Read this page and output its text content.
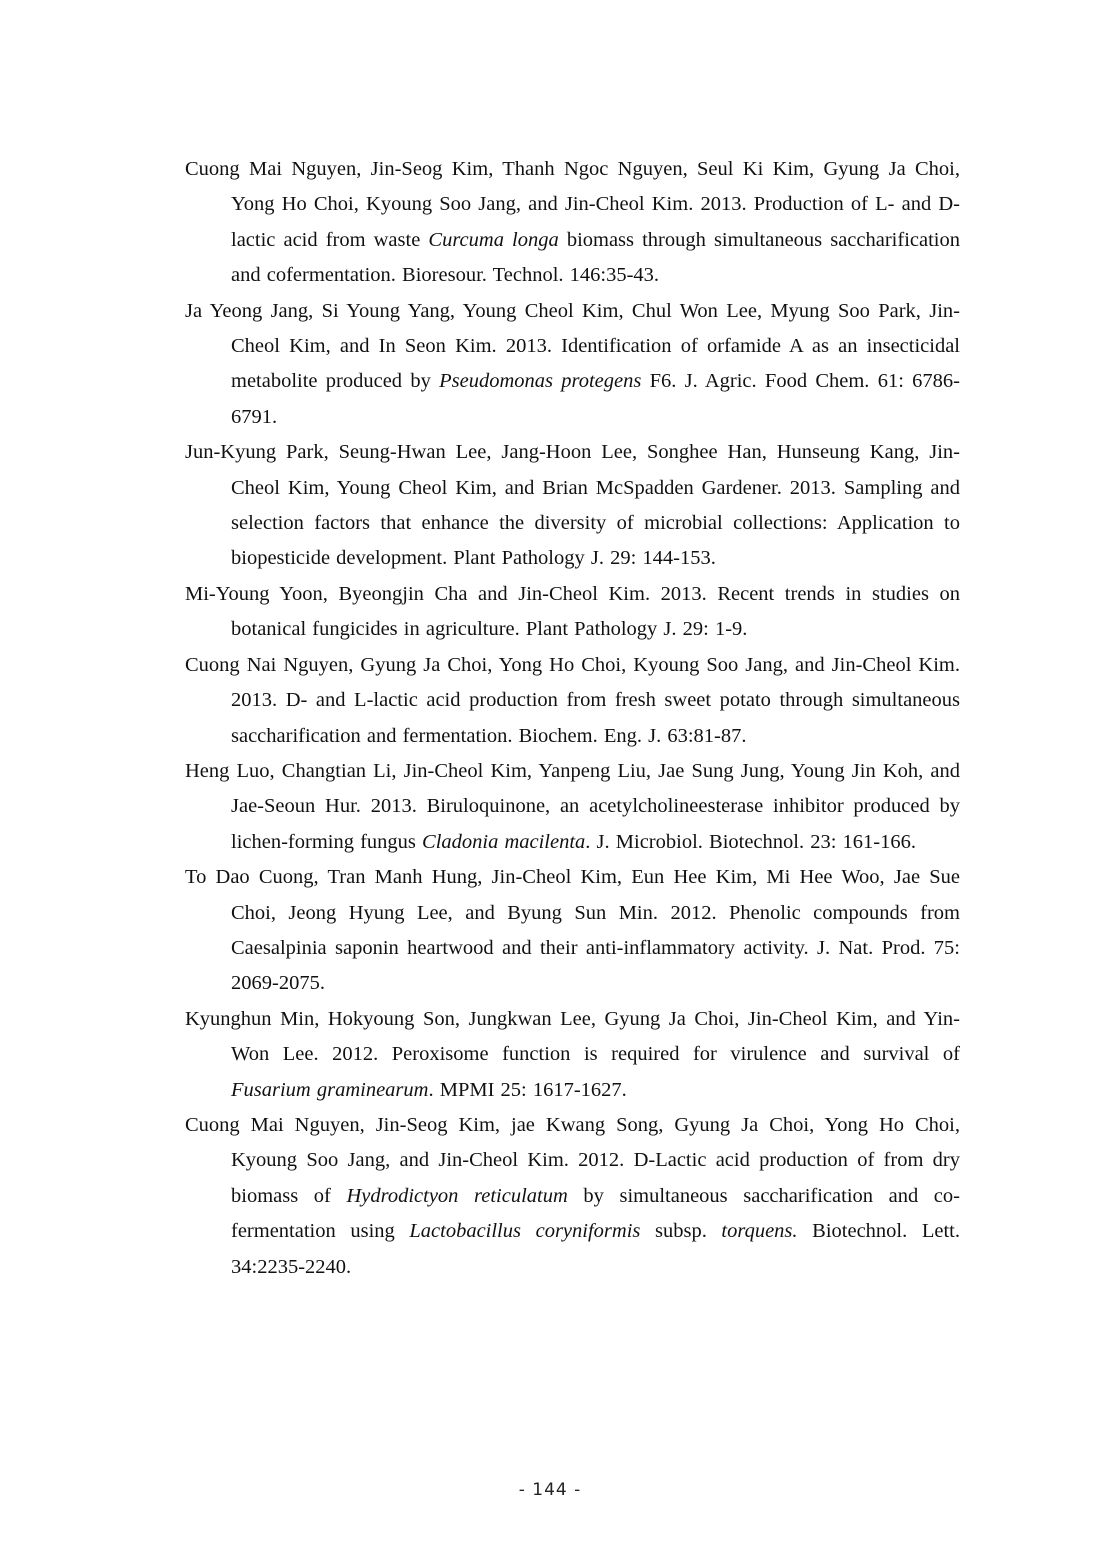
Cuong Mai Nguyen, Jin-Seog Kim, Thanh Ngoc Nguyen, Seul Ki Kim, Gyung Ja Choi, Yong Ho Choi, Kyoung Soo Jang, and Jin-Cheol Kim. 2013. Production of L- and D-lactic acid from waste Curcuma longa biomass through simultaneous saccharification and cofermentation. Bioresour. Technol. 146:35-43.

Ja Yeong Jang, Si Young Yang, Young Cheol Kim, Chul Won Lee, Myung Soo Park, Jin-Cheol Kim, and In Seon Kim. 2013. Identification of orfamide A as an insecticidal metabolite produced by Pseudomonas protegens F6. J. Agric. Food Chem. 61: 6786-6791.

Jun-Kyung Park, Seung-Hwan Lee, Jang-Hoon Lee, Songhee Han, Hunseung Kang, Jin-Cheol Kim, Young Cheol Kim, and Brian McSpadden Gardener. 2013. Sampling and selection factors that enhance the diversity of microbial collections: Application to biopesticide development. Plant Pathology J. 29: 144-153.

Mi-Young Yoon, Byeongjin Cha and Jin-Cheol Kim. 2013. Recent trends in studies on botanical fungicides in agriculture. Plant Pathology J. 29: 1-9.

Cuong Nai Nguyen, Gyung Ja Choi, Yong Ho Choi, Kyoung Soo Jang, and Jin-Cheol Kim. 2013. D- and L-lactic acid production from fresh sweet potato through simultaneous saccharification and fermentation. Biochem. Eng. J. 63:81-87.

Heng Luo, Changtian Li, Jin-Cheol Kim, Yanpeng Liu, Jae Sung Jung, Young Jin Koh, and Jae-Seoun Hur. 2013. Biruloquinone, an acetylcholineesterase inhibitor produced by lichen-forming fungus Cladonia macilenta. J. Microbiol. Biotechnol. 23: 161-166.

To Dao Cuong, Tran Manh Hung, Jin-Cheol Kim, Eun Hee Kim, Mi Hee Woo, Jae Sue Choi, Jeong Hyung Lee, and Byung Sun Min. 2012. Phenolic compounds from Caesalpinia saponin heartwood and their anti-inflammatory activity. J. Nat. Prod. 75: 2069-2075.

Kyunghun Min, Hokyoung Son, Jungkwan Lee, Gyung Ja Choi, Jin-Cheol Kim, and Yin-Won Lee. 2012. Peroxisome function is required for virulence and survival of Fusarium graminearum. MPMI 25: 1617-1627.

Cuong Mai Nguyen, Jin-Seog Kim, jae Kwang Song, Gyung Ja Choi, Yong Ho Choi, Kyoung Soo Jang, and Jin-Cheol Kim. 2012. D-Lactic acid production of from dry biomass of Hydrodictyon reticulatum by simultaneous saccharification and co-fermentation using Lactobacillus coryniformis subsp. torquens. Biotechnol. Lett. 34:2235-2240.

- 144 -
